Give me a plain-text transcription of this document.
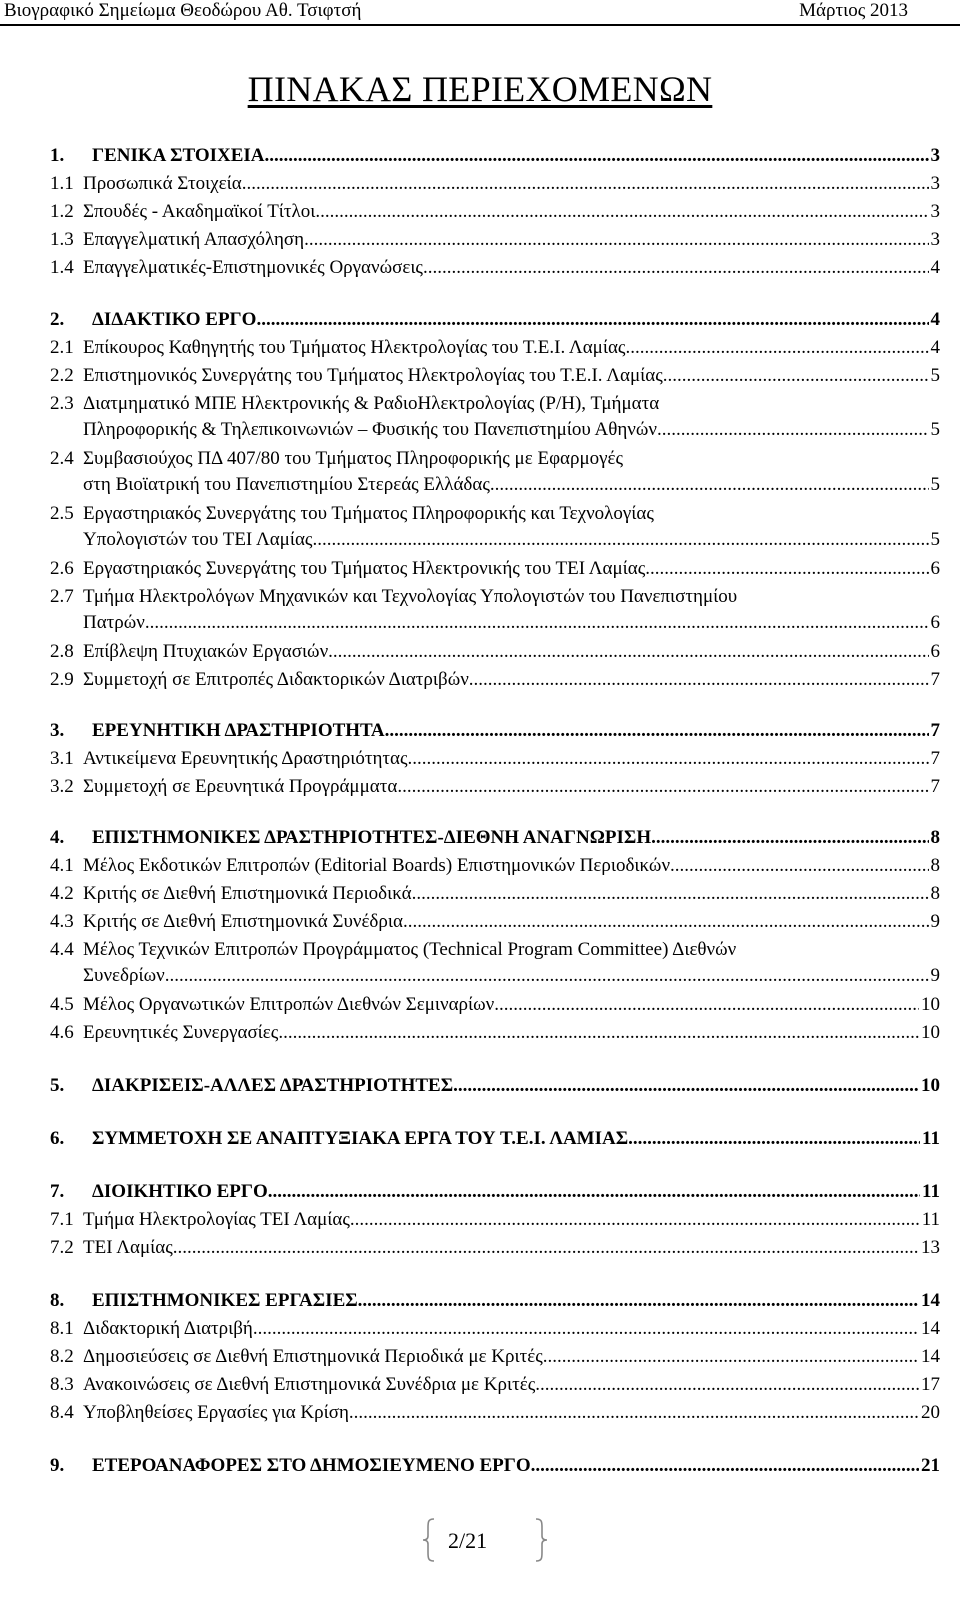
Βιογραφικό Σημείωμα Θεοδώρου Αθ. Τσιφτσή	Μάρτιος 2013
ΠΙΝΑΚΑΣ ΠΕΡΙΕΧΟΜΕΝΩΝ
1. ΓΕΝΙΚΑ ΣΤΟΙΧΕΙΑ .....	3
1.1 Προσωπικά Στοιχεία .....	3
1.2 Σπουδές - Ακαδημαϊκοί Τίτλοι .....	3
1.3 Επαγγελματική Απασχόληση .....	3
1.4 Επαγγελματικές-Επιστημονικές Οργανώσεις .....	4
2. ΔΙΔΑΚΤΙΚΟ ΕΡΓΟ .....	4
2.1 Επίκουρος Καθηγητής του Τμήματος Ηλεκτρολογίας του Τ.Ε.Ι. Λαμίας .....	4
2.2 Επιστημονικός Συνεργάτης του Τμήματος Ηλεκτρολογίας του Τ.Ε.Ι. Λαμίας .....	5
2.3 Διατμηματικό ΜΠΕ Ηλεκτρονικής & ΡαδιοΗλεκτρολογίας (Ρ/Η), Τμήματα
Πληροφορικής & Τηλεπικοινωνιών – Φυσικής του Πανεπιστημίου Αθηνών .....	5
2.4 Συμβασιούχος ΠΔ 407/80 του Τμήματος Πληροφορικής με Εφαρμογές
στη Βιοϊατρική του Πανεπιστημίου Στερεάς Ελλάδας .....	5
2.5 Εργαστηριακός Συνεργάτης του Τμήματος Πληροφορικής και Τεχνολογίας
Υπολογιστών του ΤΕΙ Λαμίας .....	5
2.6 Εργαστηριακός Συνεργάτης του Τμήματος Ηλεκτρονικής του ΤΕΙ Λαμίας .....	6
2.7 Τμήμα Ηλεκτρολόγων Μηχανικών και Τεχνολογίας Υπολογιστών του Πανεπιστημίου
Πατρών .....	6
2.8 Επίβλεψη Πτυχιακών Εργασιών .....	6
2.9 Συμμετοχή σε Επιτροπές Διδακτορικών Διατριβών .....	7
3. ΕΡΕΥΝΗΤΙΚΗ ΔΡΑΣΤΗΡΙΟΤΗΤΑ .....	7
3.1 Αντικείμενα Ερευνητικής Δραστηριότητας .....	7
3.2 Συμμετοχή σε Ερευνητικά Προγράμματα .....	7
4. ΕΠΙΣΤΗΜΟΝΙΚΕΣ ΔΡΑΣΤΗΡΙΟΤΗΤΕΣ-ΔΙΕΘΝΗ ΑΝΑΓΝΩΡΙΣΗ .....	8
4.1 Μέλος Εκδοτικών Επιτροπών (Editorial Boards) Επιστημονικών Περιοδικών .....	8
4.2 Κριτής σε Διεθνή Επιστημονικά Περιοδικά .....	8
4.3 Κριτής σε Διεθνή Επιστημονικά Συνέδρια .....	9
4.4 Μέλος Τεχνικών Επιτροπών Προγράμματος (Technical Program Committee) Διεθνών
Συνεδρίων .....	9
4.5 Μέλος Οργανωτικών Επιτροπών Διεθνών Σεμιναρίων .....	10
4.6 Ερευνητικές Συνεργασίες .....	10
5. ΔΙΑΚΡΙΣΕΙΣ-ΑΛΛΕΣ ΔΡΑΣΤΗΡΙΟΤΗΤΕΣ .....	10
6. ΣΥΜΜΕΤΟΧΗ ΣΕ ΑΝΑΠΤΥΞΙΑΚΑ ΕΡΓΑ ΤΟΥ Τ.Ε.Ι. ΛΑΜΙΑΣ .....	11
7. ΔΙΟΙΚΗΤΙΚΟ ΕΡΓΟ .....	11
7.1 Τμήμα Ηλεκτρολογίας ΤΕΙ Λαμίας .....	11
7.2 ΤΕΙ Λαμίας .....	13
8. ΕΠΙΣΤΗΜΟΝΙΚΕΣ ΕΡΓΑΣΙΕΣ .....	14
8.1 Διδακτορική Διατριβή .....	14
8.2 Δημοσιεύσεις σε Διεθνή Επιστημονικά Περιοδικά με Κριτές .....	14
8.3 Ανακοινώσεις σε Διεθνή Επιστημονικά Συνέδρια με Κριτές .....	17
8.4 Υποβληθείσες Εργασίες για Κρίση .....	20
9. ΕΤΕΡΟΑΝΑΦΟΡΕΣ ΣΤΟ ΔΗΜΟΣΙΕΥΜΕΝΟ ΕΡΓΟ .....	21
2/21
